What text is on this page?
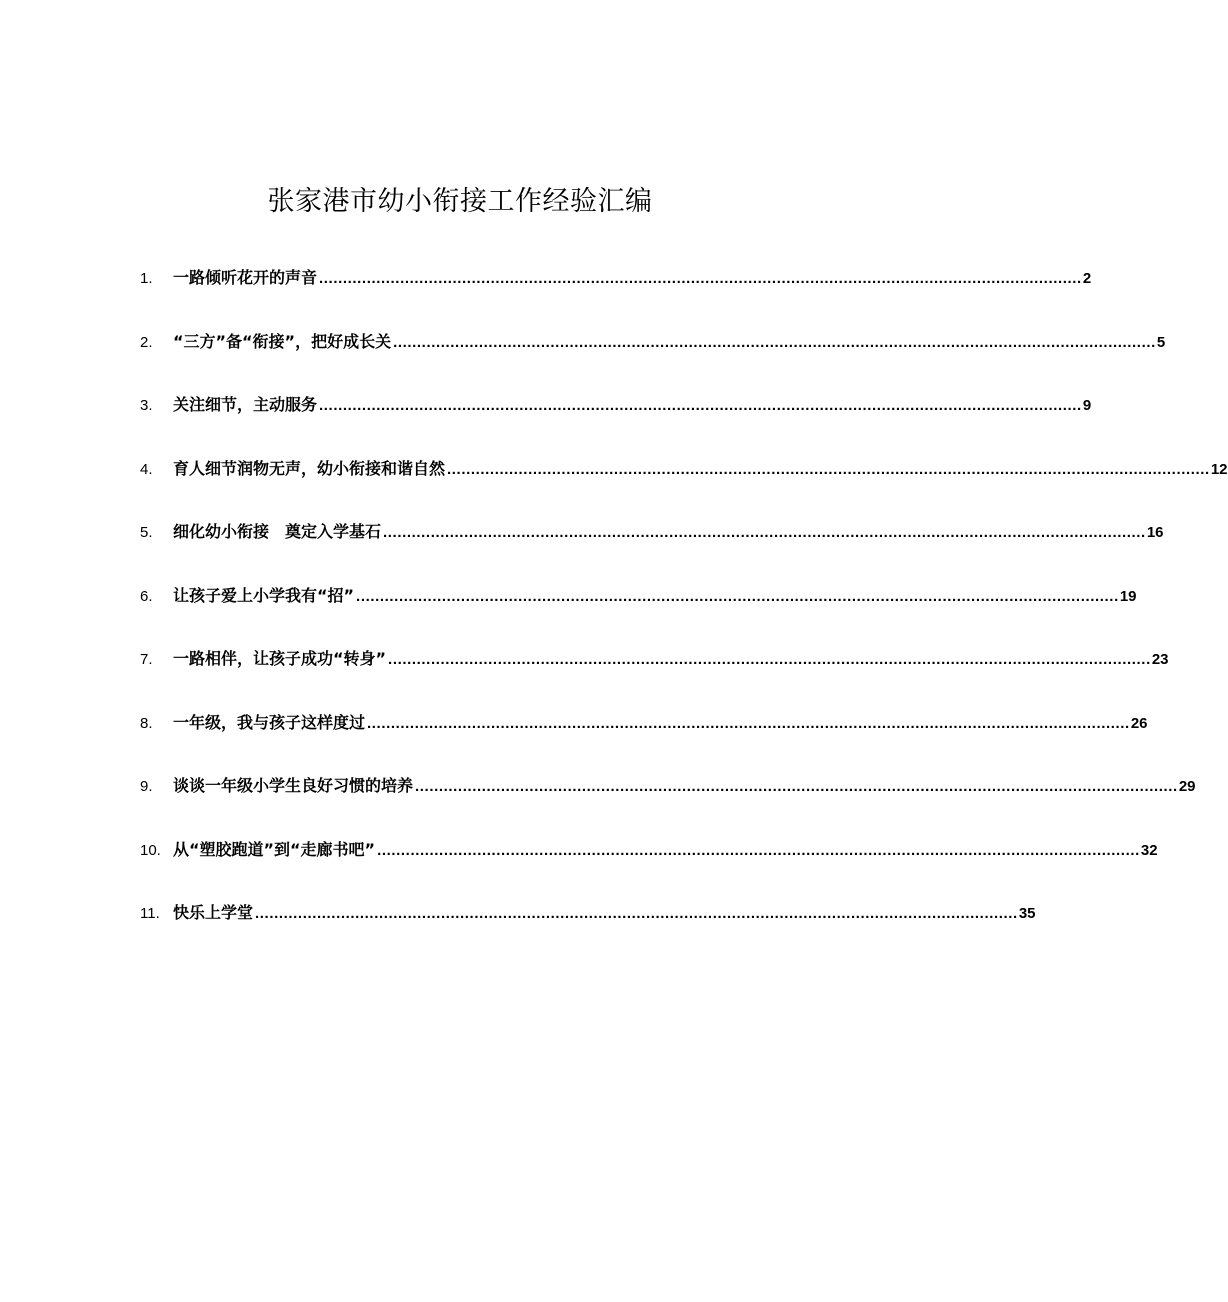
张家港市幼小衔接工作经验汇编
1.	一路倾听花开的声音 ................................................................................................................................................................ 2
2.	“三方”备“衔接”，把好成长关 ................................................................................................................................................................ 5
3.	关注细节，主动服务 ................................................................................................................................................................ 9
4.	育人细节润物无声，幼小衔接和谐自然 ................................................................................................................................................................ 12
5.	细化幼小衔接　奠定入学基石 ................................................................................................................................................................ 16
6.	让孩子爱上小学我有“招” ................................................................................................................................................................ 19
7.	一路相伴，让孩子成功“转身” ................................................................................................................................................................ 23
8.	一年级，我与孩子这样度过 ................................................................................................................................................................ 26
9.	谈谈一年级小学生良好习惯的培养 ................................................................................................................................................................ 29
10. 从“塑胶跑道”到“走廊书吧” ................................................................................................................................................................ 32
11. 快乐上学堂 ................................................................................................................................................................ 35
